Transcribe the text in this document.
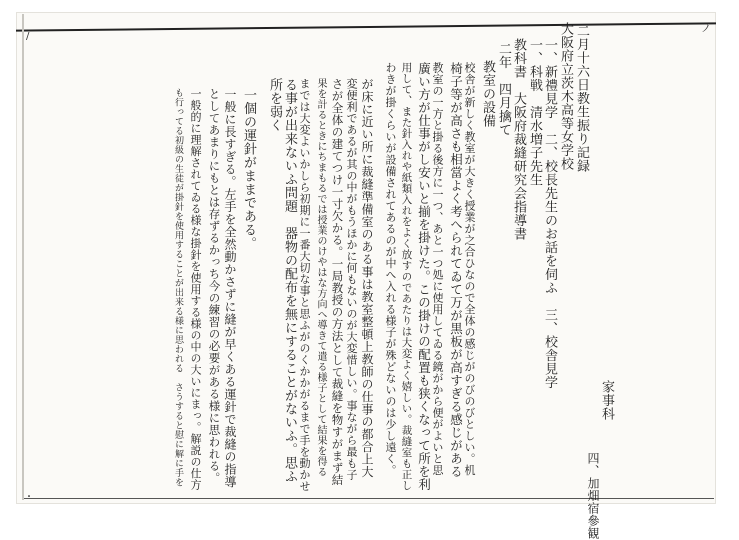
ノ
/
・
家事科
四、加畑宿參観
二月十六日教生振り記録
大阪府立茨木高等女学校
一、新禮見学　二、校長先生のお話を伺ふ　三、校舎見学
一、科戦　清水増子先生
教科書　大阪府裁縫研究会指導書
二年　四月擒て
教室の設備
校舎が新しく教室が大きく授業が之合ひなので全体の感じがのびのびとしい。机
椅子等が高さも相當よく考へられてゐて万が黒板が高すぎる感じがある
教室の一方と掛る後方に一つ、あと一つ処に使用してゐる鏡がから便がよいと思
廣い方が仕事がし安いと揃を掛けた。この掛けの配置も狭くなって所を利
用して、また針入れや紙類入れをよく放すのであたりは大変よく嬉しい。裁縫室も正し
わきが掛くらいが設備されてあるのが中へ入れる様子が殊どないのは少し遠く。
が床に近い所に裁縫準備室のある事は教室整頓上教師の仕事の都合上大
変便利であるが其の中がもうほかに何もないのが大変惜しい。事ながら最も子
さが全体の建てつけ一寸欠かる。一局教授の方法として裁縫を物すがまず結
果を計るときにちまもるでは授業のけやはな方向へ導きて遣る様子として結果を得る
までは大変よいかしら初期に一番大切な事と思ふがのくかかがるまで手を動かせ
る事が出来ないふ問題　器物の配布を無にすることがないふ。思ふ
所を弱く
一個の運針がままである。
一般に長すぎる。左手を全然動かさずに縫が早くある運針で裁縫の指導
としてあまりにもとは存ずるかっち今の練習の必要がある様に思われる。
一般的に理解されてゐる様な掛針を使用する様の中の大いにまっ。解説の仕方
も行ってる初級の生徒が掛針を使用することが出来る様に思われる　さうすると慰に解に手を
